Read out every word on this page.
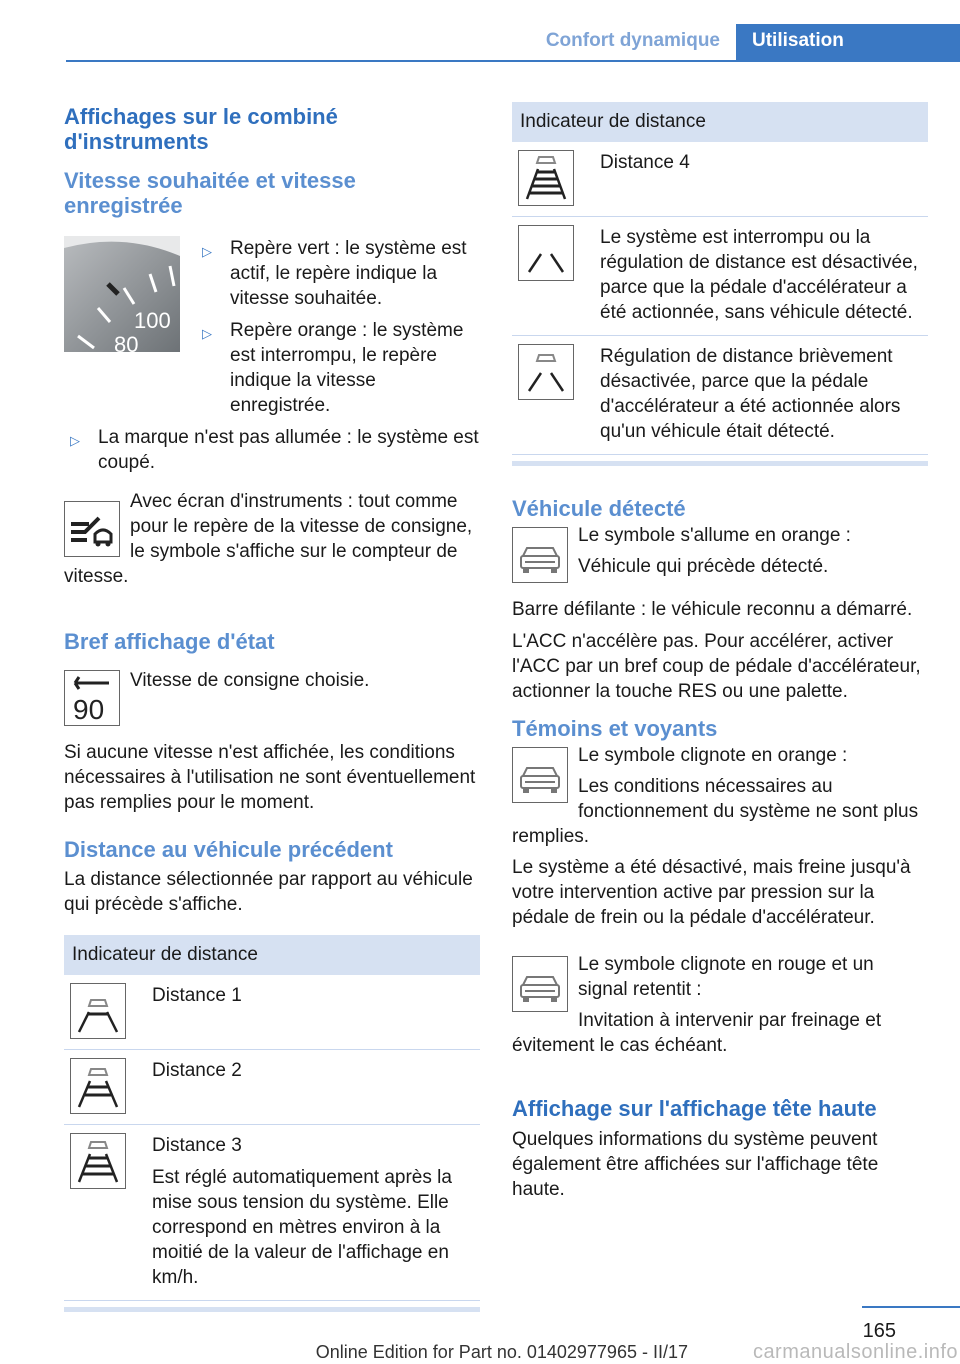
Confort dynamique	Utilisation
Affichages sur le combiné d'instruments
Vitesse souhaitée et vitesse enregistrée
100
80
▷ Repère vert : le système est actif, le repère indique la vitesse souhaitée.
▷ Repère orange : le système est interrompu, le repère indique la vitesse enregistrée.
▷ La marque n'est pas allumée : le système est coupé.

Avec écran d'instruments : tout comme pour le repère de la vitesse de consigne, le symbole s'affiche sur le compteur de vitesse.

Bref affichage d'état
90

Vitesse de consigne choisie.

Si aucune vitesse n'est affichée, les conditions nécessaires à l'utilisation ne sont éventuellement pas remplies pour le moment.

Distance au véhicule précédent

La distance sélectionnée par rapport au véhicule qui précède s'affiche.

Indicateur de distance	

	Distance 1

	Distance 2

Distance 3
Est réglé automatiquement après la mise sous tension du système. Elle correspond en mètres environ à la moitié de la valeur de l'affichage en km/h.
Indicateur de distance	

	Distance 4

	Le système est interrompu ou la régulation de distance est désactivée, parce que la pédale d'accélérateur a été actionnée, sans véhicule détecté.

	Régulation de distance brièvement désactivée, parce que la pédale d'accélérateur a été actionnée alors qu'un véhicule était détecté.
Véhicule détecté

Le symbole s'allume en orange :

Véhicule qui précède détecté.

Barre défilante : le véhicule reconnu a démarré.

L'ACC n'accélère pas. Pour accélérer, activer l'ACC par un bref coup de pédale d'accélérateur, actionner la touche RES ou une palette.

Témoins et voyants

Le symbole clignote en orange :

Les conditions nécessaires au fonctionnement du système ne sont plus remplies.

Le système a été désactivé, mais freine jusqu'à votre intervention active par pression sur la pédale de frein ou la pédale d'accélérateur.

Le symbole clignote en rouge et un signal retentit :

Invitation à intervenir par freinage et évitement le cas échéant.

Affichage sur l'affichage tête haute

Quelques informations du système peuvent également être affichées sur l'affichage tête haute.

165
Online Edition for Part no. 01402977965 - II/17	carmanualsonline.info
